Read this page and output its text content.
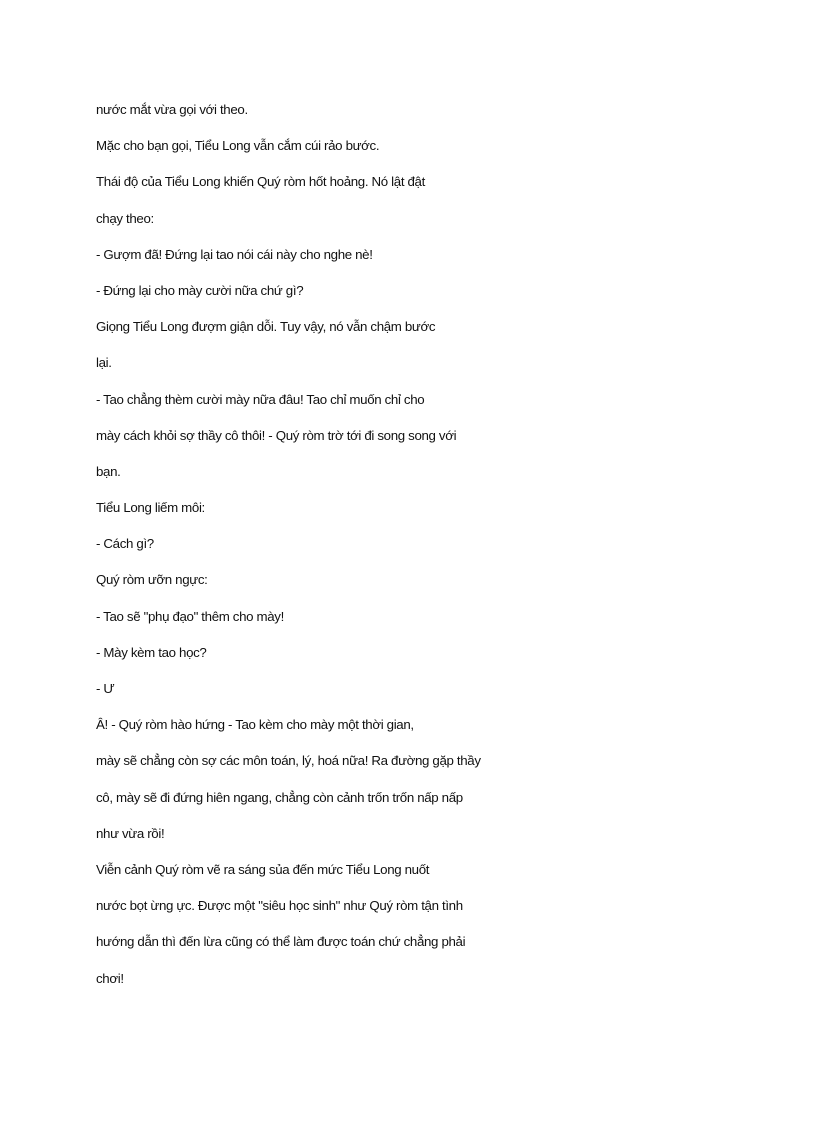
nước mắt vừa gọi với theo.
Mặc cho bạn gọi, Tiểu Long vẫn cắm cúi rảo bước.
Thái độ của Tiểu Long khiến Quý ròm hốt hoảng. Nó lật đật
chạy theo:
- Gượm đã! Đứng lại tao nói cái này cho nghe nè!
- Đứng lại cho mày cười nữa chứ gì?
Giọng Tiểu Long đượm giận dỗi. Tuy vậy, nó vẫn chậm bước
lại.
- Tao chẳng thèm cười mày nữa đâu! Tao chỉ muốn chỉ cho
mày cách khỏi sợ thầy cô thôi! - Quý ròm trờ tới đi song song với
bạn.
Tiểu Long liếm môi:
- Cách gì?
Quý ròm ưỡn ngực:
- Tao sẽ "phụ đạo" thêm cho mày!
- Mày kèm tao học?
- Ư
Â! - Quý ròm hào hứng - Tao kèm cho mày một thời gian,
mày sẽ chẳng còn sợ các môn toán, lý, hoá nữa! Ra đường gặp thầy
cô, mày sẽ đi đứng hiên ngang, chẳng còn cảnh trốn trốn nấp nấp
như vừa rồi!
Viễn cảnh Quý ròm vẽ ra sáng sủa đến mức Tiểu Long nuốt
nước bọt ừng ực. Được một "siêu học sinh" như Quý ròm tận tình
hướng dẫn thì đến lừa cũng có thể làm được toán chứ chẳng phải
chơi!
